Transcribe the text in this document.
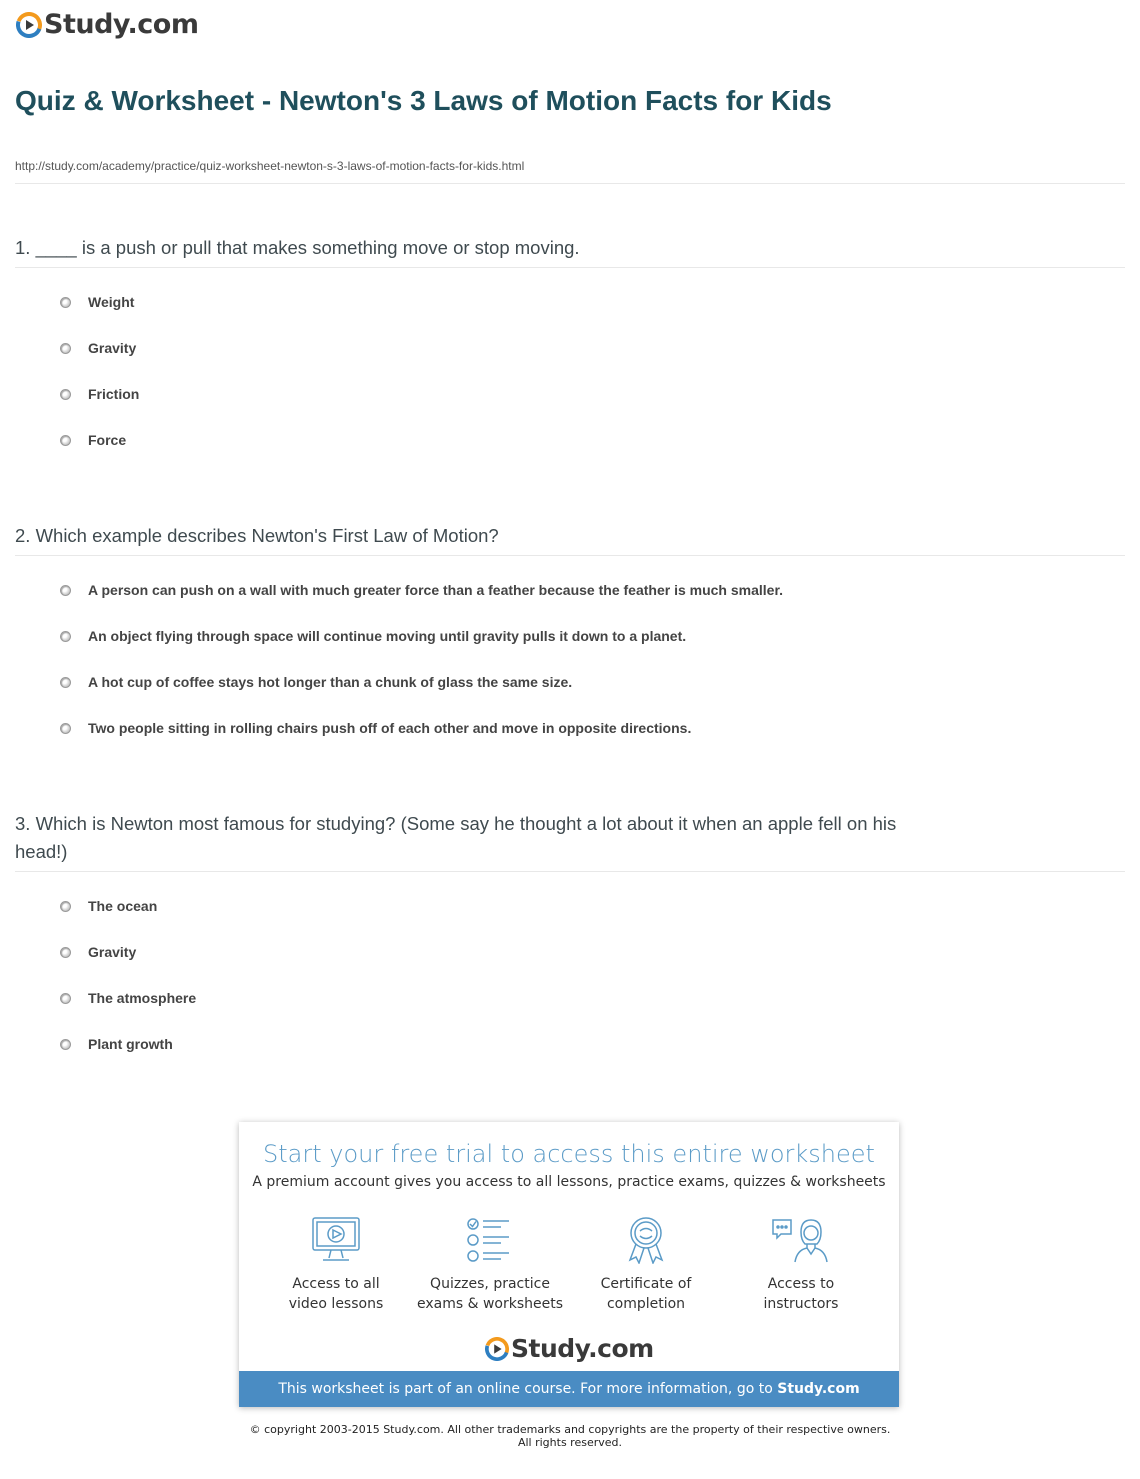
Study.com
Quiz & Worksheet - Newton's 3 Laws of Motion Facts for Kids
http://study.com/academy/practice/quiz-worksheet-newton-s-3-laws-of-motion-facts-for-kids.html
1. ____ is a push or pull that makes something move or stop moving.
Weight
Gravity
Friction
Force
2. Which example describes Newton's First Law of Motion?
A person can push on a wall with much greater force than a feather because the feather is much smaller.
An object flying through space will continue moving until gravity pulls it down to a planet.
A hot cup of coffee stays hot longer than a chunk of glass the same size.
Two people sitting in rolling chairs push off of each other and move in opposite directions.
3. Which is Newton most famous for studying? (Some say he thought a lot about it when an apple fell on his head!)
The ocean
Gravity
The atmosphere
Plant growth
Start your free trial to access this entire worksheet
A premium account gives you access to all lessons, practice exams, quizzes & worksheets
Access to all
video lessons
Quizzes, practice
exams & worksheets
Certificate of
completion
Access to
instructors
Study.com
This worksheet is part of an online course. For more information, go to Study.com
© copyright 2003-2015 Study.com. All other trademarks and copyrights are the property of their respective owners.
All rights reserved.
